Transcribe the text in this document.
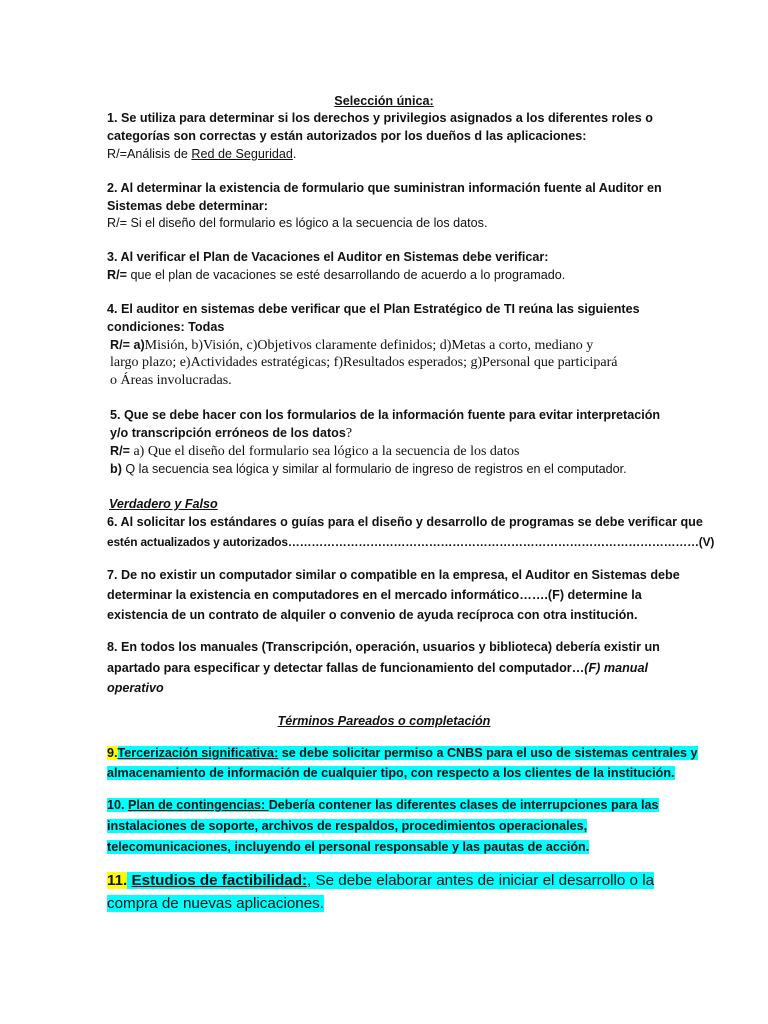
Selección única:
1. Se utiliza para determinar si los derechos y privilegios asignados a los diferentes roles o
categorías son correctas y están autorizados por los dueños d las aplicaciones:
R/=Análisis de Red de Seguridad.
2. Al determinar la existencia de formulario que suministran información fuente al Auditor en
Sistemas debe determinar:
R/= Si el diseño del formulario es lógico a la secuencia de los datos.
3. Al verificar el Plan de Vacaciones el Auditor en Sistemas debe verificar:
R/= que el plan de vacaciones se esté desarrollando de acuerdo a lo programado.
4. El auditor en sistemas debe verificar que el Plan Estratégico de TI reúna las siguientes
condiciones: Todas
R/= a)Misión, b)Visión, c)Objetivos claramente definidos; d)Metas a corto, mediano y
largo plazo; e)Actividades estratégicas; f)Resultados esperados; g)Personal que participará
o Áreas involucradas.
5. Que se debe hacer con los formularios de la información fuente para evitar interpretación
y/o transcripción erróneos de los datos?
R/= a) Que el diseño del formulario sea lógico a la secuencia de los datos
b) Q la secuencia sea lógica y similar al formulario de ingreso de registros en el computador.
Verdadero y Falso
6. Al solicitar los estándares o guías para el diseño y desarrollo de programas se debe verificar que
estén actualizados y autorizados……………………………………………………………………………………………(V)
7. De no existir un computador similar o compatible en la empresa, el Auditor en Sistemas debe
determinar la existencia en computadores en el mercado informático…….(F) determine la
existencia de un contrato de alquiler o convenio de ayuda recíproca con otra institución.
8. En todos los manuales (Transcripción, operación, usuarios y biblioteca) debería existir un
apartado para especificar y detectar fallas de funcionamiento del computador…(F) manual
operativo
Términos Pareados o completación
9.Tercerización significativa: se debe solicitar permiso a CNBS para el uso de sistemas centrales y
almacenamiento de información de cualquier tipo, con respecto a los clientes de la institución.
10. Plan de contingencias: Debería contener las diferentes clases de interrupciones para las
instalaciones de soporte, archivos de respaldos, procedimientos operacionales,
telecomunicaciones, incluyendo el personal responsable y las pautas de acción.
11. Estudios de factibilidad:, Se debe elaborar antes de iniciar el desarrollo o la
compra de nuevas aplicaciones.
